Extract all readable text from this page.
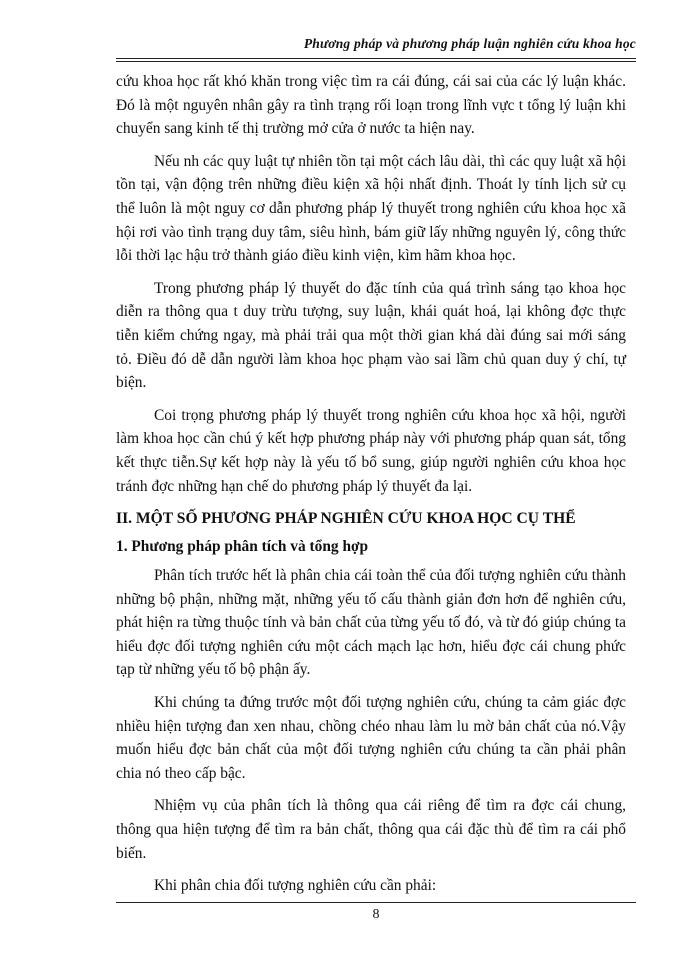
Phương pháp và phương pháp luận nghiên cứu khoa học

cứu khoa học rất khó khăn trong việc tìm ra cái đúng, cái sai của các lý luận khác. Đó là một nguyên nhân gây ra tình trạng rối loạn trong lĩnh vực t tổng lý luận khi chuyển sang kinh tế thị trường mở cửa ở nước ta hiện nay.

Nếu nh các quy luật tự nhiên tồn tại một cách lâu dài, thì các quy luật xã hội tồn tại, vận động trên những điều kiện xã hội nhất định. Thoát ly tính lịch sử cụ thể luôn là một nguy cơ dẫn phương pháp lý thuyết trong nghiên cứu khoa học xã hội rơi vào tình trạng duy tâm, siêu hình, bám giữ lấy những nguyên lý, công thức lỗi thời lạc hậu trở thành giáo điều kinh viện, kìm hãm khoa học.

Trong phương pháp lý thuyết do đặc tính của quá trình sáng tạo khoa học diễn ra thông qua t duy trừu tượng, suy luận, khái quát hoá, lại không đợc thực tiễn kiểm chứng ngay, mà phải trải qua một thời gian khá dài đúng sai mới sáng tỏ. Điều đó dễ dẫn người làm khoa học phạm vào sai lầm chủ quan duy ý chí, tự biện.

Coi trọng phương pháp lý thuyết trong nghiên cứu khoa học xã hội, người làm khoa học cần chú ý kết hợp phương pháp này với phương pháp quan sát, tổng kết thực tiễn.Sự kết hợp này là yếu tố bổ sung, giúp người nghiên cứu khoa học tránh đợc những hạn chế do phương pháp lý thuyết đa lại.

II. MỘT SỐ PHƯƠNG PHÁP NGHIÊN CỨU KHOA HỌC CỤ THỂ
1. Phương pháp phân tích và tổng hợp

Phân tích trước hết là phân chia cái toàn thể của đối tượng nghiên cứu thành những bộ phận, những mặt, những yếu tố cấu thành giản đơn hơn để nghiên cứu, phát hiện ra từng thuộc tính và bản chất của từng yếu tố đó, và từ đó giúp chúng ta hiểu đợc đối tượng nghiên cứu một cách mạch lạc hơn, hiểu đợc cái chung phức tạp từ những yếu tố bộ phận ấy.

Khi chúng ta đứng trước một đối tượng nghiên cứu, chúng ta cảm giác đợc nhiều hiện tượng đan xen nhau, chồng chéo nhau làm lu mờ bản chất của nó.Vậy muốn hiểu đợc bản chất của một đối tượng nghiên cứu chúng ta cần phải phân chia nó theo cấp bậc.

Nhiệm vụ của phân tích là thông qua cái riêng để tìm ra đợc cái chung, thông qua hiện tượng để tìm ra bản chất, thông qua cái đặc thù để tìm ra cái phổ biến.

Khi phân chia đối tượng nghiên cứu cần phải:

8
